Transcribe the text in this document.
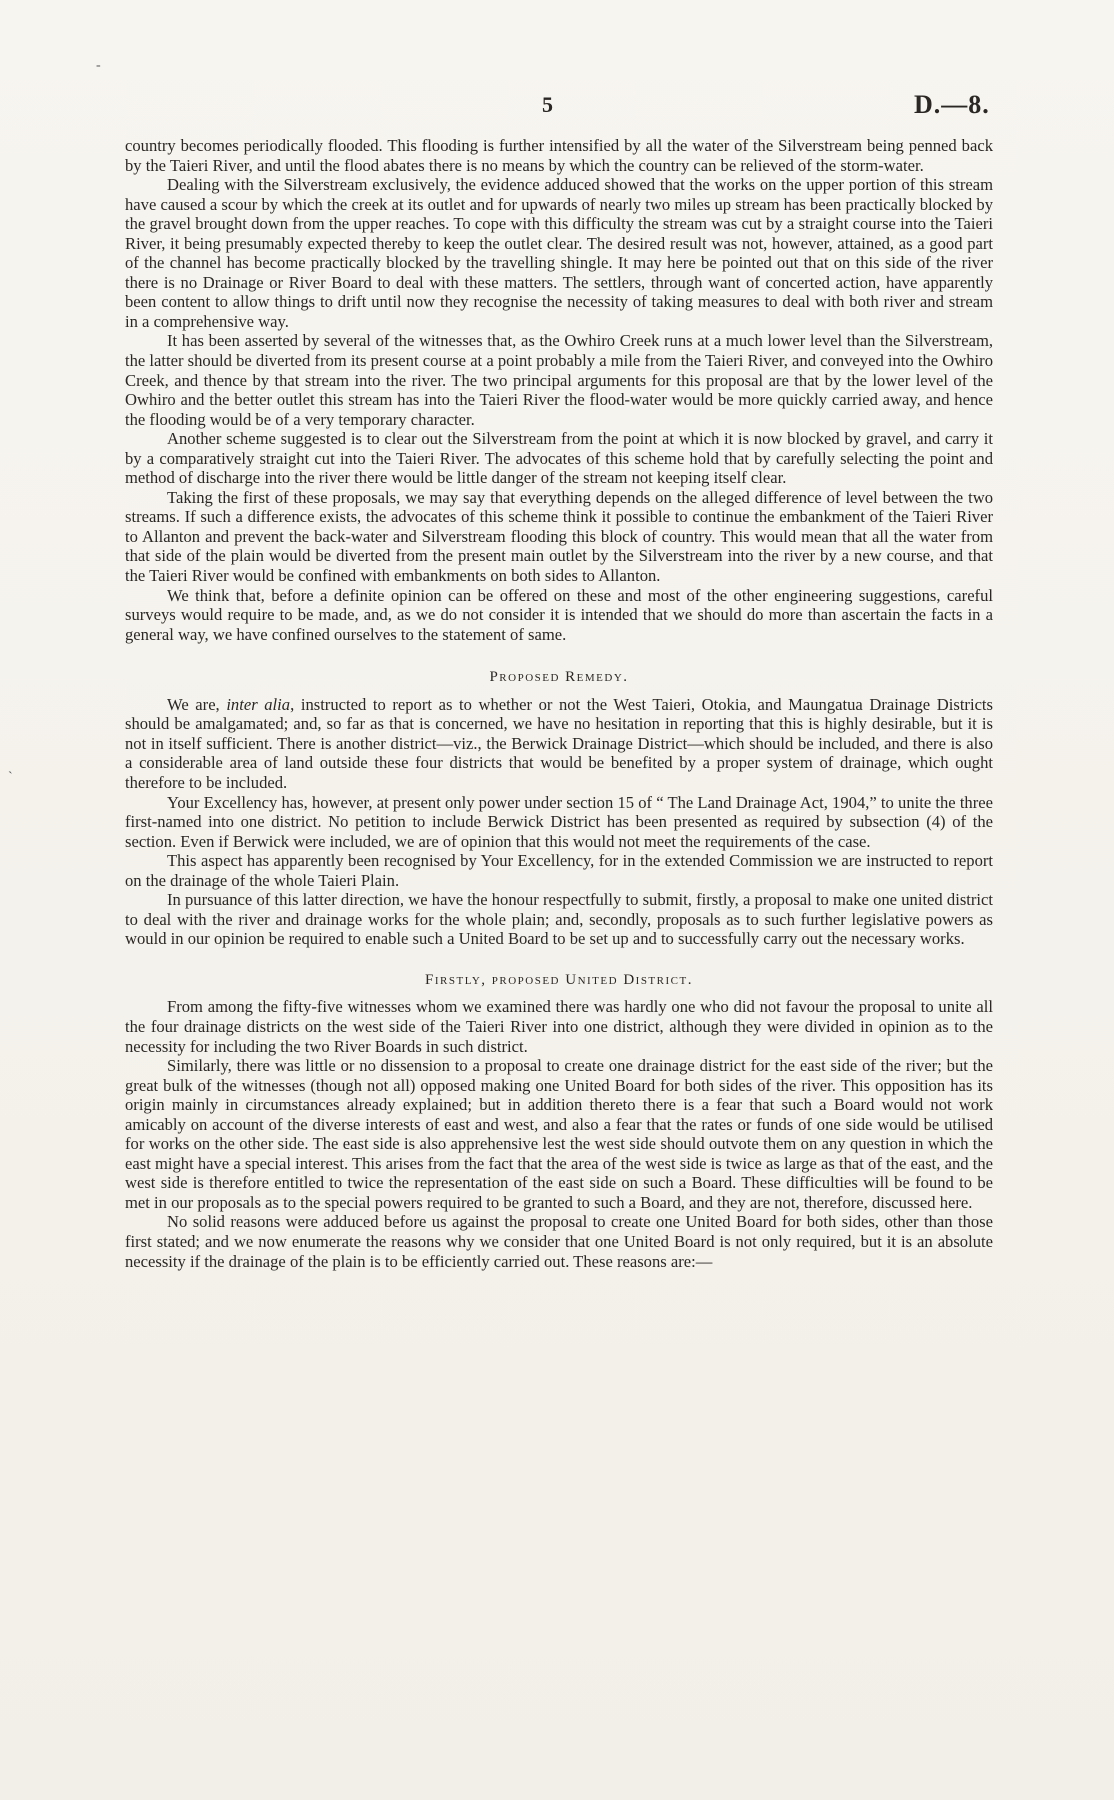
-
`
5	D.—8.

country becomes periodically flooded. This flooding is further intensified by all the water of the Silverstream being penned back by the Taieri River, and until the flood abates there is no means by which the country can be relieved of the storm-water.

Dealing with the Silverstream exclusively, the evidence adduced showed that the works on the upper portion of this stream have caused a scour by which the creek at its outlet and for upwards of nearly two miles up stream has been practically blocked by the gravel brought down from the upper reaches. To cope with this difficulty the stream was cut by a straight course into the Taieri River, it being presumably expected thereby to keep the outlet clear. The desired result was not, however, attained, as a good part of the channel has become practically blocked by the travelling shingle. It may here be pointed out that on this side of the river there is no Drainage or River Board to deal with these matters. The settlers, through want of concerted action, have apparently been content to allow things to drift until now they recognise the necessity of taking measures to deal with both river and stream in a comprehensive way.

It has been asserted by several of the witnesses that, as the Owhiro Creek runs at a much lower level than the Silverstream, the latter should be diverted from its present course at a point probably a mile from the Taieri River, and conveyed into the Owhiro Creek, and thence by that stream into the river. The two principal arguments for this proposal are that by the lower level of the Owhiro and the better outlet this stream has into the Taieri River the flood-water would be more quickly carried away, and hence the flooding would be of a very temporary character.

Another scheme suggested is to clear out the Silverstream from the point at which it is now blocked by gravel, and carry it by a comparatively straight cut into the Taieri River. The advocates of this scheme hold that by carefully selecting the point and method of discharge into the river there would be little danger of the stream not keeping itself clear.

Taking the first of these proposals, we may say that everything depends on the alleged difference of level between the two streams. If such a difference exists, the advocates of this scheme think it possible to continue the embankment of the Taieri River to Allanton and prevent the back-water and Silverstream flooding this block of country. This would mean that all the water from that side of the plain would be diverted from the present main outlet by the Silverstream into the river by a new course, and that the Taieri River would be confined with embankments on both sides to Allanton.

We think that, before a definite opinion can be offered on these and most of the other engineering suggestions, careful surveys would require to be made, and, as we do not consider it is intended that we should do more than ascertain the facts in a general way, we have confined ourselves to the statement of same.

Proposed Remedy.

We are, inter alia, instructed to report as to whether or not the West Taieri, Otokia, and Maungatua Drainage Districts should be amalgamated; and, so far as that is concerned, we have no hesitation in reporting that this is highly desirable, but it is not in itself sufficient. There is another district—viz., the Berwick Drainage District—which should be included, and there is also a considerable area of land outside these four districts that would be benefited by a proper system of drainage, which ought therefore to be included.

Your Excellency has, however, at present only power under section 15 of “ The Land Drainage Act, 1904,” to unite the three first-named into one district. No petition to include Berwick District has been presented as required by subsection (4) of the section. Even if Berwick were included, we are of opinion that this would not meet the requirements of the case.

This aspect has apparently been recognised by Your Excellency, for in the extended Commission we are instructed to report on the drainage of the whole Taieri Plain.

In pursuance of this latter direction, we have the honour respectfully to submit, firstly, a proposal to make one united district to deal with the river and drainage works for the whole plain; and, secondly, proposals as to such further legislative powers as would in our opinion be required to enable such a United Board to be set up and to successfully carry out the necessary works.

Firstly, proposed United District.

From among the fifty-five witnesses whom we examined there was hardly one who did not favour the proposal to unite all the four drainage districts on the west side of the Taieri River into one district, although they were divided in opinion as to the necessity for including the two River Boards in such district.

Similarly, there was little or no dissension to a proposal to create one drainage district for the east side of the river; but the great bulk of the witnesses (though not all) opposed making one United Board for both sides of the river. This opposition has its origin mainly in circumstances already explained; but in addition thereto there is a fear that such a Board would not work amicably on account of the diverse interests of east and west, and also a fear that the rates or funds of one side would be utilised for works on the other side. The east side is also apprehensive lest the west side should outvote them on any question in which the east might have a special interest. This arises from the fact that the area of the west side is twice as large as that of the east, and the west side is therefore entitled to twice the representation of the east side on such a Board. These difficulties will be found to be met in our proposals as to the special powers required to be granted to such a Board, and they are not, therefore, discussed here.

No solid reasons were adduced before us against the proposal to create one United Board for both sides, other than those first stated; and we now enumerate the reasons why we consider that one United Board is not only required, but it is an absolute necessity if the drainage of the plain is to be efficiently carried out. These reasons are:—
